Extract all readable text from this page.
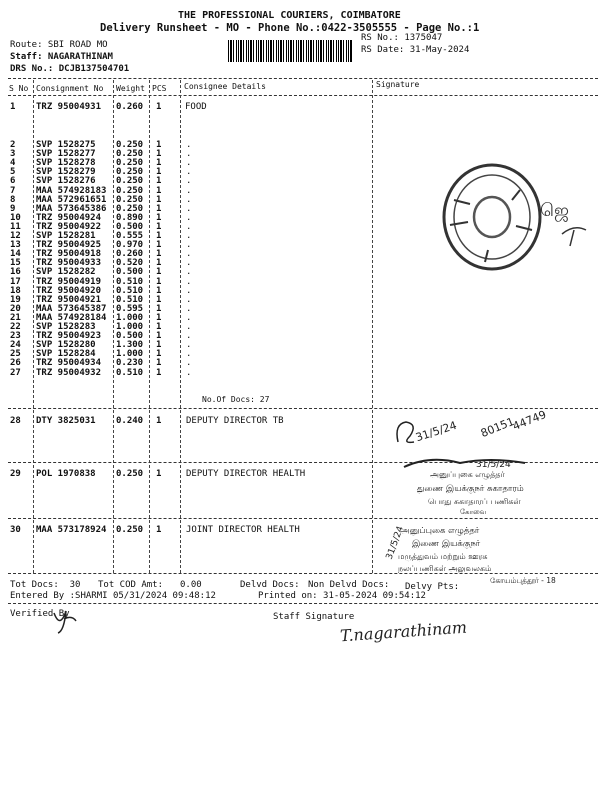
THE PROFESSIONAL COURIERS, COIMBATORE
Delivery Runsheet - MO - Phone No.:0422-3505555 - Page No.:1
Route: SBI ROAD MO
Staff: NAGARATHINAM
DRS No.: DCJB137504701
RS No.: 1375047
RS Date: 31-May-2024
S No Consignment No Weight PCS Consignee Details	Signature
1 TRZ 95004931 0.260 1	FOOD
2 SVP 1528275 0.250 1	.
3 SVP 1528277 0.250 1	.
4 SVP 1528278 0.250 1	.
5 SVP 1528279 0.250 1	.
6 SVP 1528276 0.250 1	.
7 MAA 574928183 0.250 1	.
8 MAA 572961651 0.250 1	.
9 MAA 573645386 0.250 1	.
10 TRZ 95004924 0.890 1	.
11 TRZ 95004922 0.500 1	.
12 SVP 1528281 0.555 1	.
13 TRZ 95004925 0.970 1	.
14 TRZ 95004918 0.260 1	.
15 TRZ 95004933 0.520 1	.
16 SVP 1528282 0.500 1	.
17 TRZ 95004919 0.510 1	.
18 TRZ 95004920 0.510 1	.
19 TRZ 95004921 0.510 1	.
20 MAA 573645387 0.595 1	.
21 MAA 574928184 1.000 1	.
22 SVP 1528283 1.000 1	.
23 TRZ 95004923 0.500 1	.
24 SVP 1528280 1.300 1	.
25 SVP 1528284 1.000 1	.
26 TRZ 95004934 0.230 1	.
27 TRZ 95004932 0.510 1	.
No.Of Docs: 27
28 DTY 3825031 0.240 1	DEPUTY DIRECTOR TB
29 POL 1970838 0.250 1	DEPUTY DIRECTOR HEALTH
30 MAA 573178924 0.250 1	JOINT DIRECTOR HEALTH
ஜெ
31/5/24 80151
44749
31/5/24
அனுப்புகை எழுத்தர்
துணை இயக்குநர் சுகாதாரம்
பொது சுகாதாரப் பணிகள்
கோவை
31/5/24
அனுப்புகை எழுத்தர்
இணை இயக்குநர்
மருத்துவம் மற்றும் ஊரக
நலப்பணிகள் அலுவலகம்
கோயம்புத்தூர் - 18
Tot Docs:  30 Tot COD Amt: 0.00	Delvd Docs: Non Delvd Docs: Delvy Pts:
Entered By :SHARMI 05/31/2024 09:48:12	Printed on: 31-05-2024 09:54:12
Verified By	Staff Signature
T.nagarathinam
